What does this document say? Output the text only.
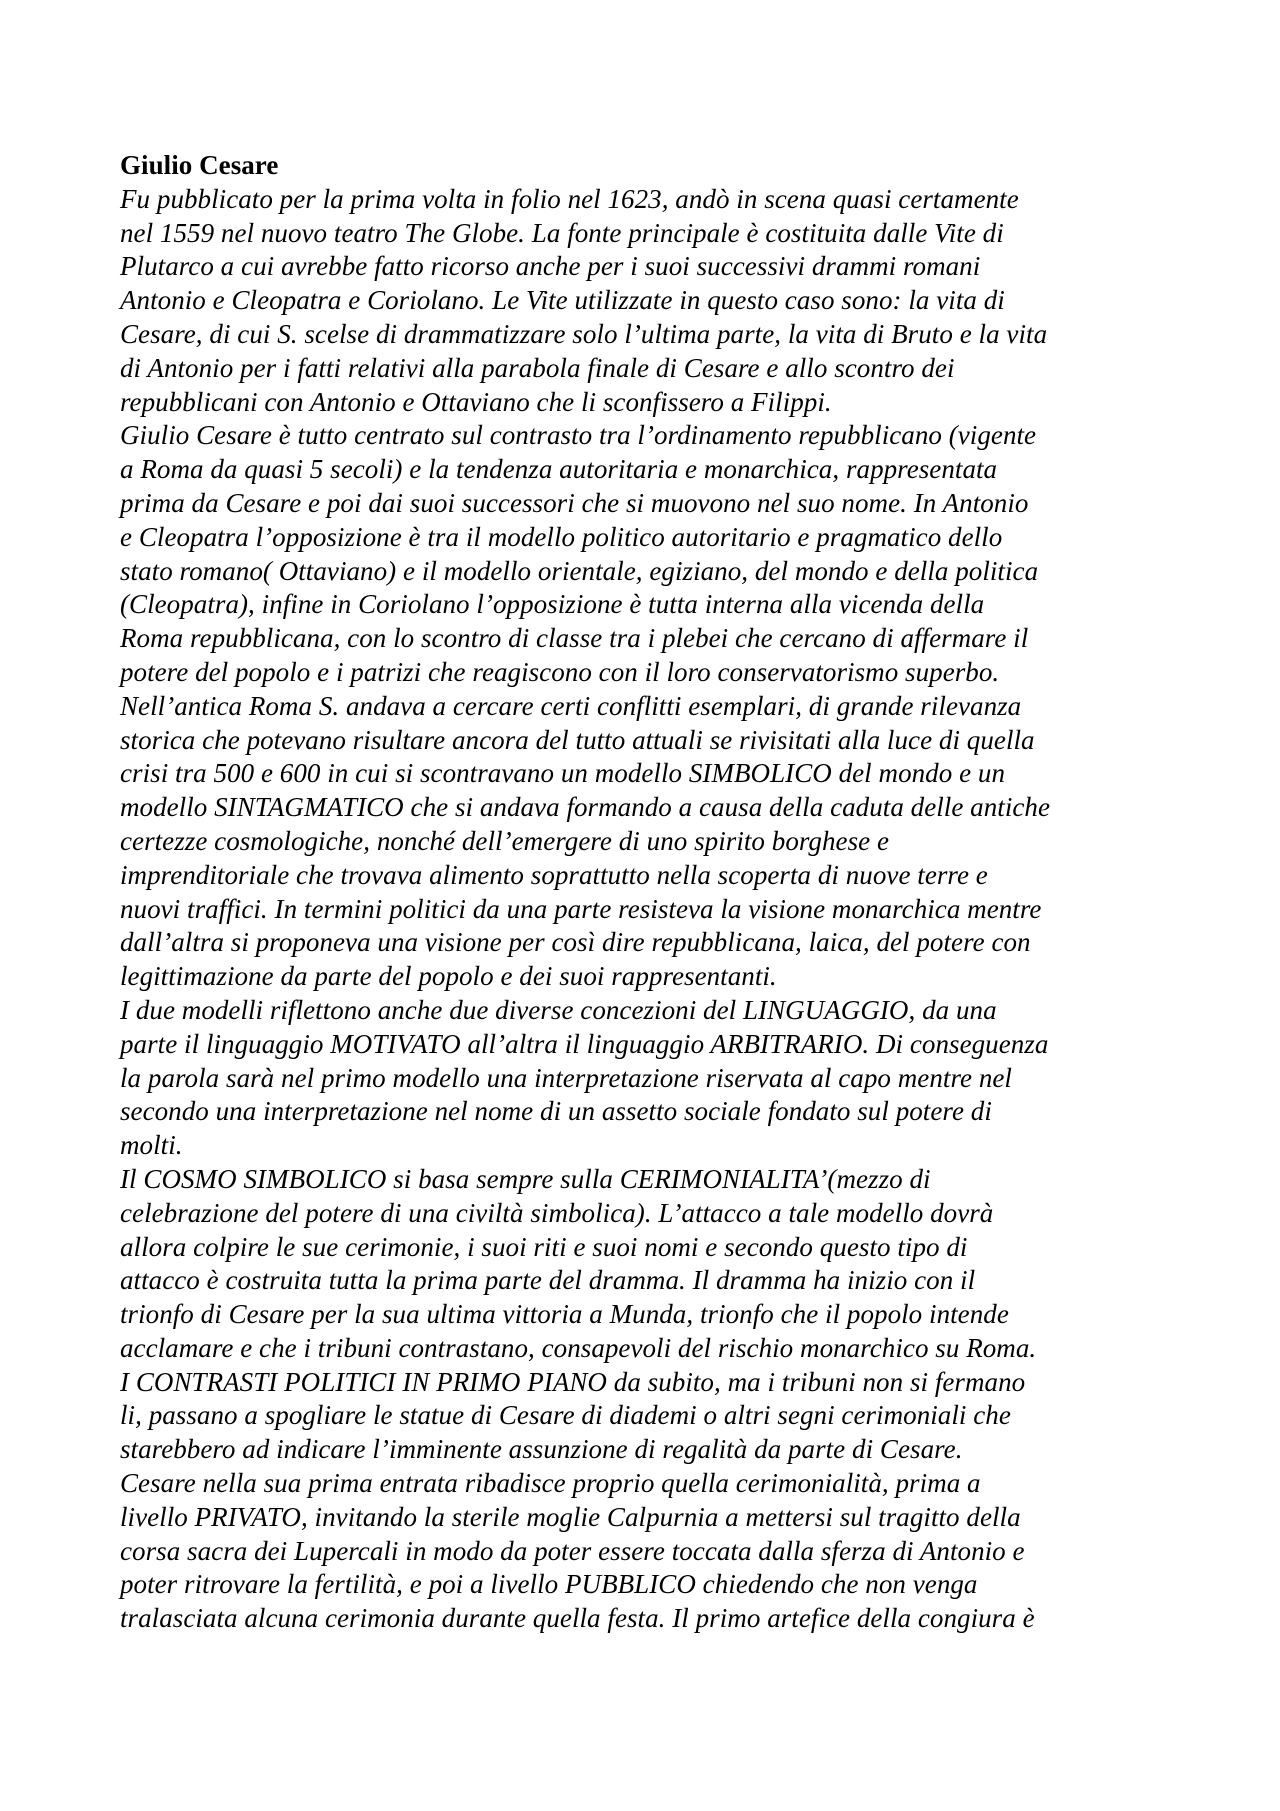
Giulio Cesare
Fu pubblicato per la prima volta in folio nel 1623, andò in scena quasi certamente
nel 1559 nel nuovo teatro The Globe. La fonte principale è costituita dalle Vite di
Plutarco a cui avrebbe fatto ricorso anche per i suoi successivi drammi romani
Antonio e Cleopatra e Coriolano. Le Vite utilizzate in questo caso sono: la vita di
Cesare, di cui S. scelse di drammatizzare solo l’ultima parte, la vita di Bruto e la vita
di Antonio per i fatti relativi alla parabola finale di Cesare e allo scontro dei
repubblicani con Antonio e Ottaviano che li sconfissero a Filippi.
Giulio Cesare è tutto centrato sul contrasto tra l’ordinamento repubblicano (vigente
a Roma da quasi 5 secoli) e la tendenza autoritaria e monarchica, rappresentata
prima da Cesare e poi dai suoi successori che si muovono nel suo nome. In Antonio
e Cleopatra l’opposizione è tra il modello politico autoritario e pragmatico dello
stato romano( Ottaviano) e il modello orientale, egiziano, del mondo e della politica
(Cleopatra), infine in Coriolano l’opposizione è tutta interna alla vicenda della
Roma repubblicana, con lo scontro di classe tra i plebei che cercano di affermare il
potere del popolo e i patrizi che reagiscono con il loro conservatorismo superbo.
Nell’antica Roma S. andava a cercare certi conflitti esemplari, di grande rilevanza
storica che potevano risultare ancora del tutto attuali se rivisitati alla luce di quella
crisi tra 500 e 600 in cui si scontravano un modello SIMBOLICO del mondo e un
modello SINTAGMATICO che si andava formando a causa della caduta delle antiche
certezze cosmologiche, nonché dell’emergere di uno spirito borghese e
imprenditoriale che trovava alimento soprattutto nella scoperta di nuove terre e
nuovi traffici. In termini politici da una parte resisteva la visione monarchica mentre
dall’altra si proponeva una visione per così dire repubblicana, laica, del potere con
legittimazione da parte del popolo e dei suoi rappresentanti.
I due modelli riflettono anche due diverse concezioni del LINGUAGGIO, da una
parte il linguaggio MOTIVATO all’altra il linguaggio ARBITRARIO. Di conseguenza
la parola sarà nel primo modello una interpretazione riservata al capo mentre nel
secondo una interpretazione nel nome di un assetto sociale fondato sul potere di
molti.
Il COSMO SIMBOLICO si basa sempre sulla CERIMONIALITA’(mezzo di
celebrazione del potere di una civiltà simbolica). L’attacco a tale modello dovrà
allora colpire le sue cerimonie, i suoi riti e suoi nomi e secondo questo tipo di
attacco è costruita tutta la prima parte del dramma. Il dramma ha inizio con il
trionfo di Cesare per la sua ultima vittoria a Munda, trionfo che il popolo intende
acclamare e che i tribuni contrastano, consapevoli del rischio monarchico su Roma.
I CONTRASTI POLITICI IN PRIMO PIANO da subito, ma i tribuni non si fermano
li, passano a spogliare le statue di Cesare di diademi o altri segni cerimoniali che
starebbero ad indicare l’imminente assunzione di regalità da parte di Cesare.
Cesare nella sua prima entrata ribadisce proprio quella cerimonialità, prima a
livello PRIVATO, invitando la sterile moglie Calpurnia a mettersi sul tragitto della
corsa sacra dei Lupercali in modo da poter essere toccata dalla sferza di Antonio e
poter ritrovare la fertilità, e poi a livello PUBBLICO chiedendo che non venga
tralasciata alcuna cerimonia durante quella festa. Il primo artefice della congiura è
